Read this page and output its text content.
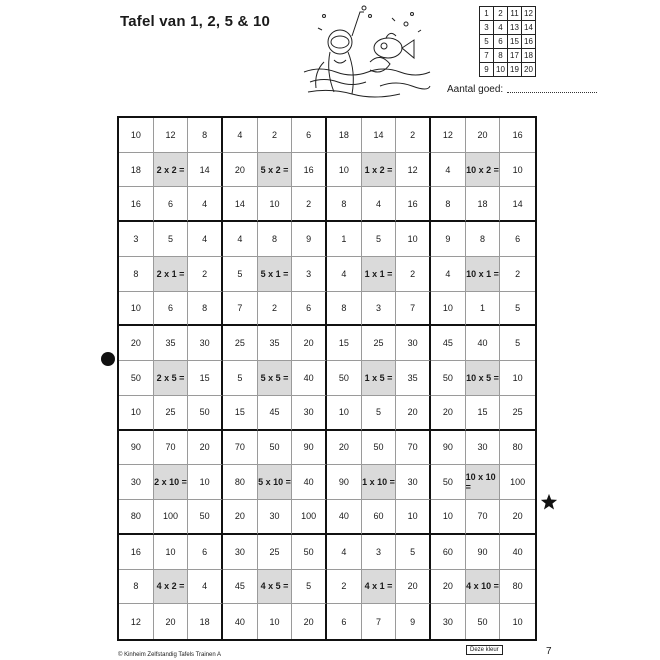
Tafel van 1, 2, 5 & 10	1	2	11	12
3	4	13	14
5	6	15	16
7	8	17	18
9	10	19	20
Aantal goed:
10	12	8	4	2	6	18	14	2	12	20	16
18	2 x 2 =	14	20	5 x 2 =	16	10	1 x 2 =	12	4	10 x 2 =	10
16	6	4	14	10	2	8	4	16	8	18	14
3	5	4	4	8	9	1	5	10	9	8	6
8	2 x 1 =	2	5	5 x 1 =	3	4	1 x 1 =	2	4	10 x 1 =	2
10	6	8	7	2	6	8	3	7	10	1	5
20	35	30	25	35	20	15	25	30	45	40	5
50	2 x 5 =	15	5	5 x 5 =	40	50	1 x 5 =	35	50	10 x 5 =	10
10	25	50	15	45	30	10	5	20	20	15	25
90	70	20	70	50	90	20	50	70	90	30	80
30	2 x 10 =	10	80	5 x 10 =	40	90	1 x 10 =	30	50	10 x 10 =	100
80	100	50	20	30	100	40	60	10	10	70	20
16	10	6	30	25	50	4	3	5	60	90	40
8	4 x 2 =	4	45	4 x 5 =	5	2	4 x 1 =	20	20	4 x 10 =	80
12	20	18	40	10	20	6	7	9	30	50	10
© Kinheim Zelfstandig Tafels Trainen A
Deze kleur	7
